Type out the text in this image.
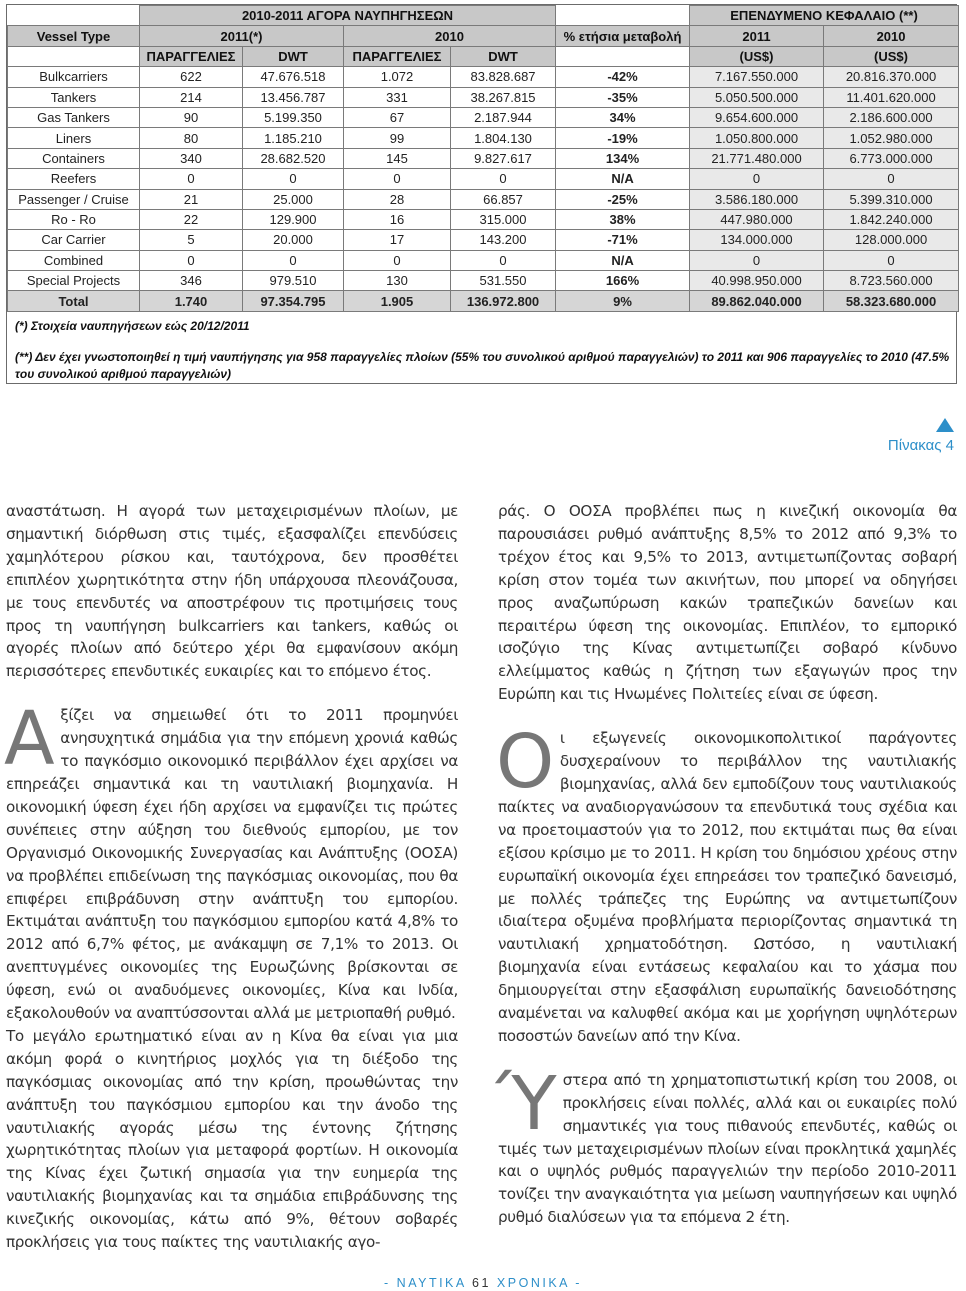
	2010-2011 ΑΓΟΡΑ ΝΑΥΠΗΓΗΣΕΩΝ					ΕΠΕΝΔΥΜΕΝΟ ΚΕΦΑΛΑΙΟ (**)	
Vessel Type	2011(*)		2010		% ετήσια μεταβολή	2011	2010
	ΠΑΡΑΓΓΕΛΙΕΣ	DWT	ΠΑΡΑΓΓΕΛΙΕΣ	DWT		(US$)	(US$)
Bulkcarriers	622	47.676.518	1.072	83.828.687	-42%	7.167.550.000	20.816.370.000
Tankers	214	13.456.787	331	38.267.815	-35%	5.050.500.000	11.401.620.000
Gas Tankers	90	5.199.350	67	2.187.944	34%	9.654.600.000	2.186.600.000
Liners	80	1.185.210	99	1.804.130	-19%	1.050.800.000	1.052.980.000
Containers	340	28.682.520	145	9.827.617	134%	21.771.480.000	6.773.000.000
Reefers	0	0	0	0	N/A	0	0
Passenger / Cruise	21	25.000	28	66.857	-25%	3.586.180.000	5.399.310.000
Ro - Ro	22	129.900	16	315.000	38%	447.980.000	1.842.240.000
Car Carrier	5	20.000	17	143.200	-71%	134.000.000	128.000.000
Combined	0	0	0	0	N/A	0	0
Special Projects	346	979.510	130	531.550	166%	40.998.950.000	8.723.560.000
Total	1.740	97.354.795	1.905	136.972.800	9%	89.862.040.000	58.323.680.000
(*) Στοιχεία ναυπηγήσεων εώς 20/12/2011
(**) Δεν έχει γνωστοποιηθεί η τιμή ναυπήγησης για 958 παραγγελίες πλοίων (55% του συνολικού αριθμού παραγγελιών) το 2011 και 906 παραγγελίες το 2010 (47.5% του συνολικού αριθμού παραγγελιών)
Πίνακας 4

αναστάτωση. Η αγορά των μεταχειρισμένων πλοίων, με σημαντική διόρθωση στις τιμές, εξασφαλίζει επενδύσεις χαμηλότερου ρίσκου και, ταυτόχρονα, δεν προσθέτει επιπλέον χωρητικότητα στην ήδη υπάρχουσα πλεονάζουσα, με τους επενδυτές να αποστρέφουν τις προτιμήσεις τους προς τη ναυπήγηση bulkcarriers και tankers, καθώς οι αγορές πλοίων από δεύτερο χέρι θα εμφανίσουν ακόμη περισσότερες επενδυτικές ευκαιρίες και το επόμενο έτος.

Αξίζει να σημειωθεί ότι το 2011 προμηνύει ανησυχητικά σημάδια για την επόμενη χρονιά καθώς το παγκόσμιο οικονομικό περιβάλλον έχει αρχίσει να επηρεάζει σημαντικά και τη ναυτιλιακή βιομηχανία. Η οικονομική ύφεση έχει ήδη αρχίσει να εμφανίζει τις πρώτες συνέπειες στην αύξηση του διεθνούς εμπορίου, με τον Οργανισμό Οικονομικής Συνεργασίας και Ανάπτυξης (ΟΟΣΑ) να προβλέπει επιδείνωση της παγκόσμιας οικονομίας, που θα επιφέρει επιβράδυνση στην ανάπτυξη του εμπορίου. Εκτιμάται ανάπτυξη του παγκόσμιου εμπορίου κατά 4,8% το 2012 από 6,7% φέτος, με ανάκαμψη σε 7,1% το 2013. Οι ανεπτυγμένες οικονομίες της Ευρωζώνης βρίσκονται σε ύφεση, ενώ οι αναδυόμενες οικονομίες, Κίνα και Ινδία, εξακολουθούν να αναπτύσσονται αλλά με μετριοπαθή ρυθμό.

Το μεγάλο ερωτηματικό είναι αν η Κίνα θα είναι για μια ακόμη φορά ο κινητήριος μοχλός για τη διέξοδο της παγκόσμιας οικονομίας από την κρίση, προωθώντας την ανάπτυξη του παγκόσμιου εμπορίου και την άνοδο της ναυτιλιακής αγοράς μέσω της έντονης ζήτησης χωρητικότητας πλοίων για μεταφορά φορτίων. Η οικονομία της Κίνας έχει ζωτική σημασία για την ευημερία της ναυτιλιακής βιομηχανίας και τα σημάδια επιβράδυνσης της κινεζικής οικονομίας, κάτω από 9%, θέτουν σοβαρές προκλήσεις για τους παίκτες της ναυτιλιακής αγο-

ράς. Ο ΟΟΣΑ προβλέπει πως η κινεζική οικονομία θα παρουσιάσει ρυθμό ανάπτυξης 8,5% το 2012 από 9,3% το τρέχον έτος και 9,5% το 2013, αντιμετωπίζοντας σοβαρή κρίση στον τομέα των ακινήτων, που μπορεί να οδηγήσει προς αναζωπύρωση κακών τραπεζικών δανείων και περαιτέρω ύφεση της οικονομίας. Επιπλέον, το εμπορικό ισοζύγιο της Κίνας αντιμετωπίζει σοβαρό κίνδυνο ελλείμματος καθώς η ζήτηση των εξαγωγών προς την Ευρώπη και τις Ηνωμένες Πολιτείες είναι σε ύφεση.

Οι εξωγενείς οικονομικοπολιτικοί παράγοντες δυσχεραίνουν το περιβάλλον της ναυτιλιακής βιομηχανίας, αλλά δεν εμποδίζουν τους ναυτιλιακούς παίκτες να αναδιοργανώσουν τα επενδυτικά τους σχέδια και να προετοιμαστούν για το 2012, που εκτιμάται πως θα είναι εξίσου κρίσιμο με το 2011. Η κρίση του δημόσιου χρέους στην ευρωπαϊκή οικονομία έχει επηρεάσει τον τραπεζικό δανεισμό, με πολλές τράπεζες της Ευρώπης να αντιμετωπίζουν ιδιαίτερα οξυμένα προβλήματα περιορίζοντας σημαντικά τη ναυτιλιακή χρηματοδότηση. Ωστόσο, η ναυτιλιακή βιομηχανία είναι εντάσεως κεφαλαίου και το χάσμα που δημιουργείται στην εξασφάλιση ευρωπαϊκής δανειοδότησης αναμένεται να καλυφθεί ακόμα και με χορήγηση υψηλότερων ποσοστών δανείων από την Κίνα.

Ύστερα από τη χρηματοπιστωτική κρίση του 2008, οι προκλήσεις είναι πολλές, αλλά και οι ευκαιρίες πολύ σημαντικές για τους πιθανούς επενδυτές, καθώς οι τιμές των μεταχειρισμένων πλοίων είναι προκλητικά χαμηλές και ο υψηλός ρυθμός παραγγελιών την περίοδο 2010-2011 τονίζει την αναγκαιότητα για μείωση ναυπηγήσεων και υψηλό ρυθμό διαλύσεων για τα επόμενα 2 έτη.

- ΝΑΥΤΙΚΑ 61 ΧΡΟΝΙΚΑ -
